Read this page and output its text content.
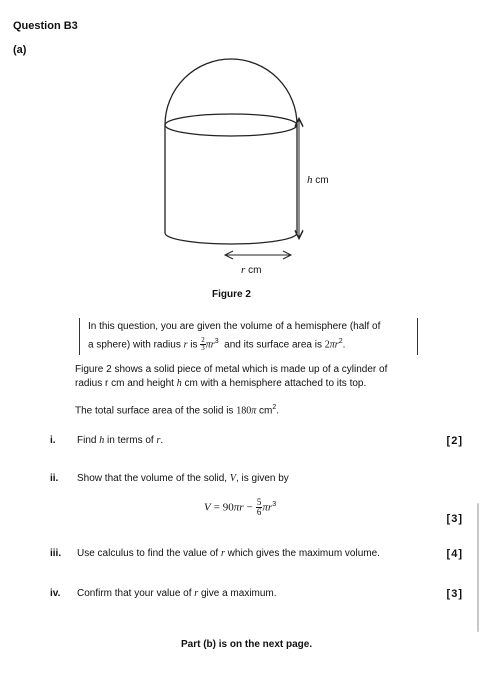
Question B3
(a)
h cm
r cm
Figure 2
In this question, you are given the volume of a hemisphere (half of
a sphere) with radius r is $\frac{2}{3} \pi r^3$  and its surface area is $2\pi r^2$.
Figure 2 shows a solid piece of metal which is made up of a cylinder of
radius r cm and height h cm with a hemisphere attached to its top.
The total surface area of the solid is 180π $cm^2$.
i. Find h in terms of r.	[2]
ii. Show that the volume of the solid, V, is given by
$V = 90\pi r - \frac{5}{6} \pi r^3$
[3]
iii. Use calculus to find the value of r which gives the maximum volume.	[4]
iv. Confirm that your value of r give a maximum.	[3]
Part (b) is on the next page.
